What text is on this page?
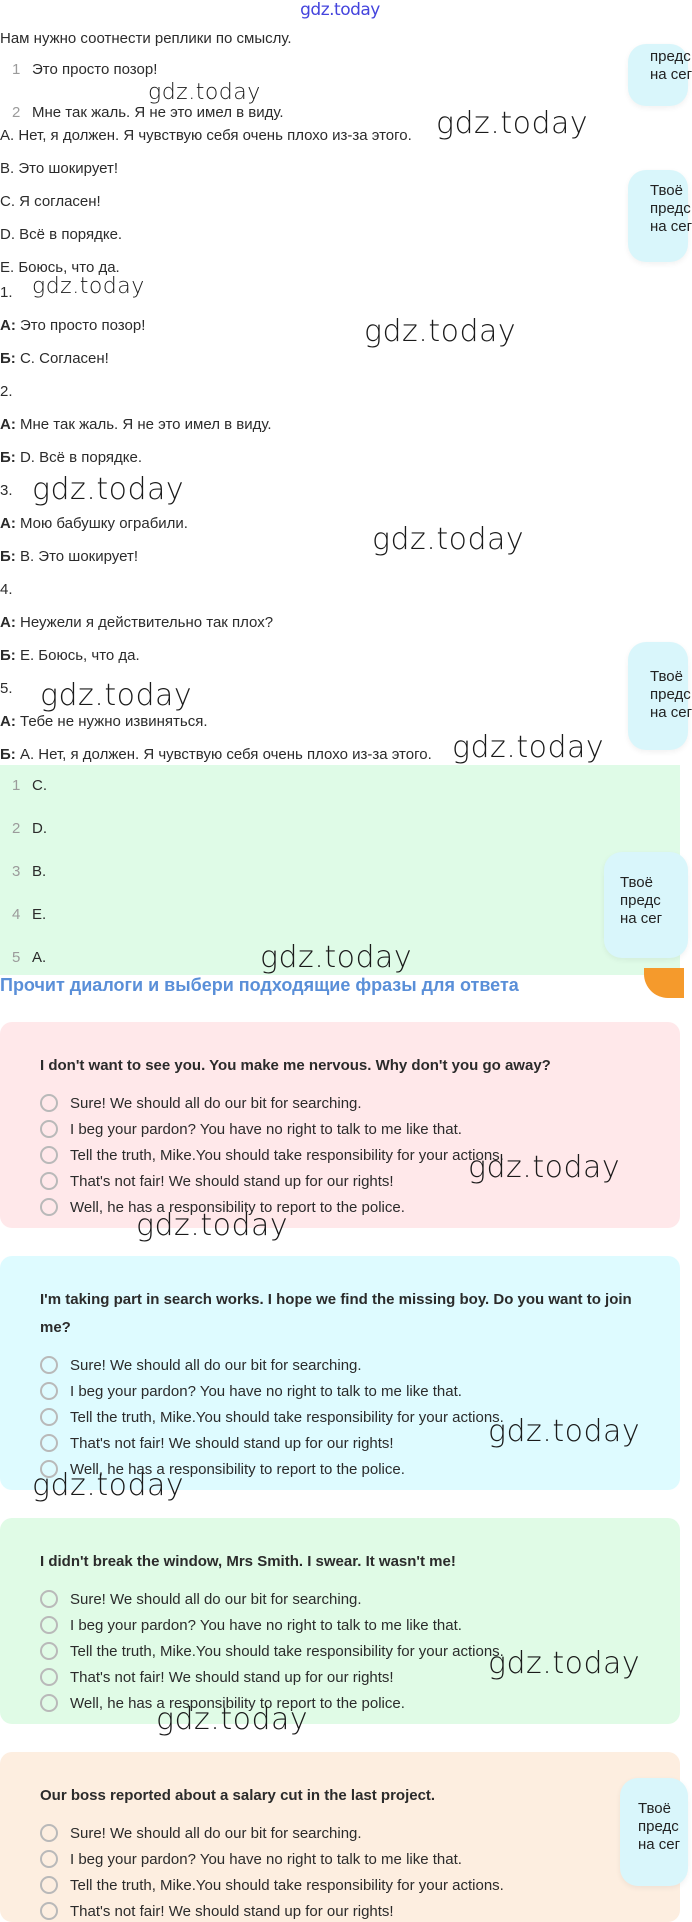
gdz.today
предс
на сег
Твоё
предс
на сег
Твоё
предс
на сег
Нам нужно соотнести реплики по смыслу.
1 Это просто позор!
2 Мне так жаль. Я не это имел в виду.
A. Нет, я должен. Я чувствую себя очень плохо из-за этого.
B. Это шокирует!
C. Я согласен!
D. Всё в порядке.
E. Боюсь, что да.
1.
А: Это просто позор!
Б: C. Согласен!
2.
А: Мне так жаль. Я не это имел в виду.
Б: D. Всё в порядке.
3.
А: Мою бабушку ограбили.
Б: B. Это шокирует!
4.
А: Неужели я действительно так плох?
Б: E. Боюсь, что да.
5.
А: Тебе не нужно извиняться.
Б: A. Нет, я должен. Я чувствую себя очень плохо из-за этого.
1 C.
2 D.
3 B.
4 E.
5 A.
Твоё
предс
на сег
Прочит диалоги и выбери подходящие фразы для ответа
I don't want to see you. You make me nervous. Why don't you go away?
Sure! We should all do our bit for searching.
I beg your pardon? You have no right to talk to me like that.
Tell the truth, Mike.You should take responsibility for your actions.
That's not fair! We should stand up for our rights!
Well, he has a responsibility to report to the police.
I'm taking part in search works. I hope we find the missing boy. Do you want to join me?
Sure! We should all do our bit for searching.
I beg your pardon? You have no right to talk to me like that.
Tell the truth, Mike.You should take responsibility for your actions.
That's not fair! We should stand up for our rights!
Well, he has a responsibility to report to the police.
I didn't break the window, Mrs Smith. I swear. It wasn't me!
Sure! We should all do our bit for searching.
I beg your pardon? You have no right to talk to me like that.
Tell the truth, Mike.You should take responsibility for your actions.
That's not fair! We should stand up for our rights!
Well, he has a responsibility to report to the police.
Our boss reported about a salary cut in the last project.
Sure! We should all do our bit for searching.
I beg your pardon? You have no right to talk to me like that.
Tell the truth, Mike.You should take responsibility for your actions.
That's not fair! We should stand up for our rights!
Твоё
предс
на сег
gdz.today
gdz.today
gdz.today
gdz.today
gdz.today
gdz.today
gdz.today
gdz.today
gdz.today
gdz.today
gdz.today
gdz.today
gdz.today
gdz.today
gdz.today
